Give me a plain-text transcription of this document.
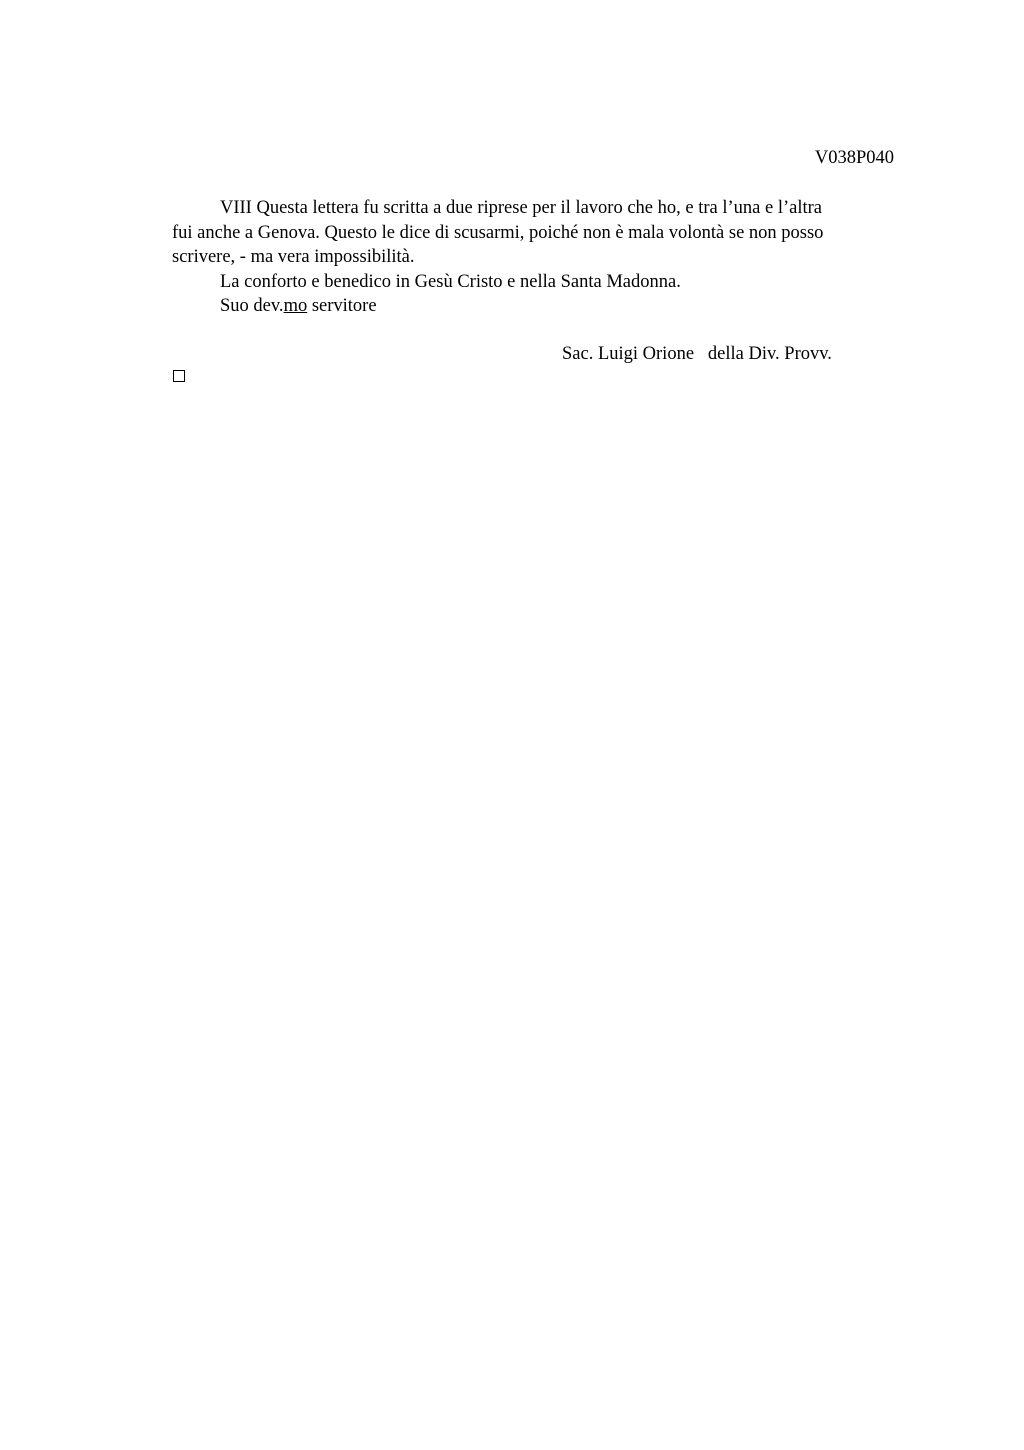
V038P040

VIII Questa lettera fu scritta a due riprese per il lavoro che ho, e tra l’una e l’altra
fui anche a Genova. Questo le dice di scusarmi, poiché non è mala volontà se non posso
scrivere, - ma vera impossibilità.

La conforto e benedico in Gesù Cristo e nella Santa Madonna.

Suo dev.mo servitore

Sac. Luigi Orione   della Div. Provv.
